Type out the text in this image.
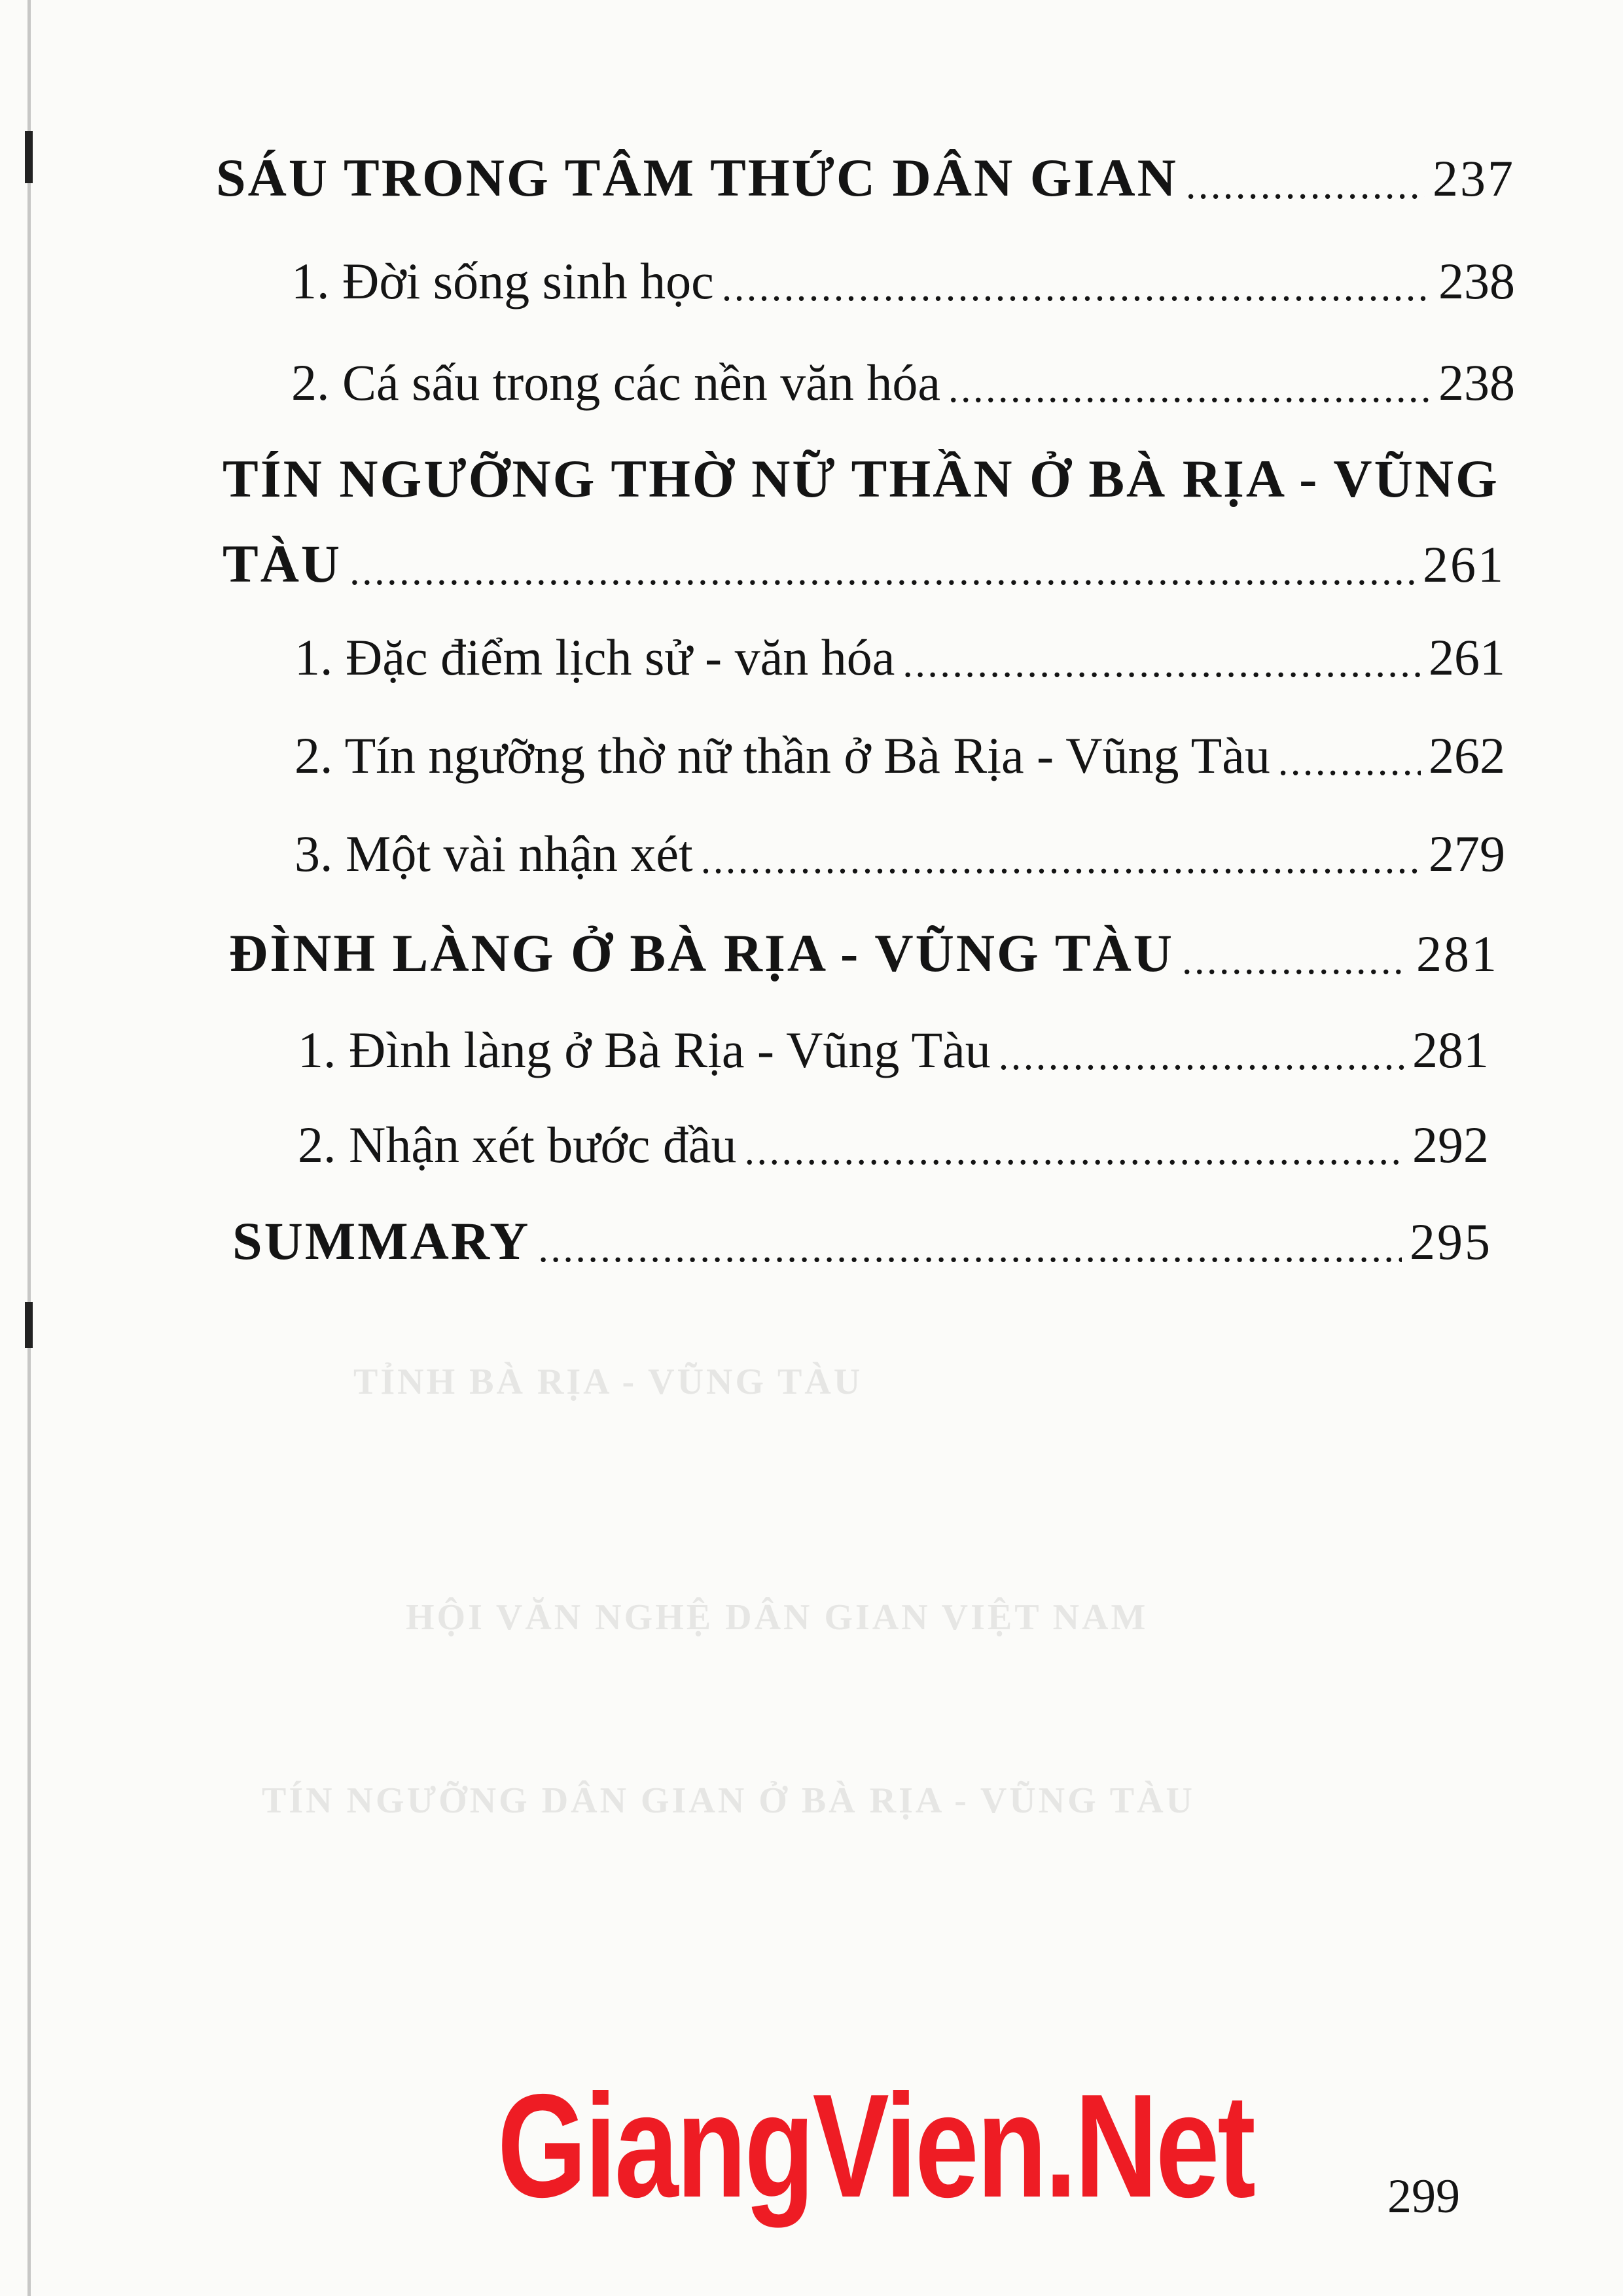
TỈNH BÀ RỊA - VŨNG TÀU
HỘI VĂN NGHỆ DÂN GIAN VIỆT NAM
TÍN NGƯỠNG DÂN GIAN Ở BÀ RỊA - VŨNG TÀU
SÁU TRONG TÂM THỨC DÂN GIAN . . .	237
1. Đời sống sinh học . . .	238
2. Cá sấu trong các nền văn hóa . . .	238
TÍN NGƯỠNG THỜ NỮ THẦN Ở BÀ RỊA - VŨNG
TÀU . . .	261
1. Đặc điểm lịch sử - văn hóa . . .	261
2. Tín ngưỡng thờ nữ thần ở Bà Rịa - Vũng Tàu . . .	262
3. Một vài nhận xét . . .	279
ĐÌNH LÀNG Ở BÀ RỊA - VŨNG TÀU . . .	281
1. Đình làng ở Bà Rịa - Vũng Tàu . . .	281
2. Nhận xét bước đầu . . .	292
SUMMARY . . .	295
GiangVien.Net	299
